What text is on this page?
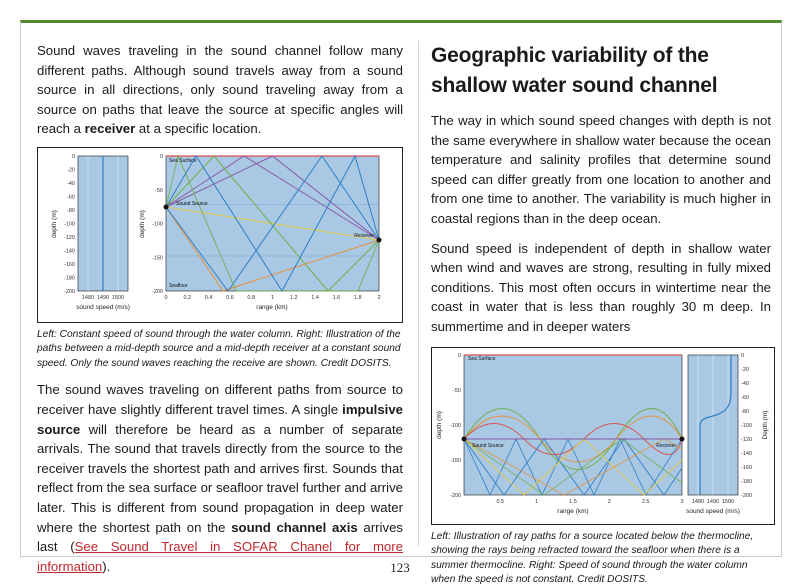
Sound waves traveling in the sound channel follow many different paths. Although sound travels away from a sound source in all directions, only sound traveling away from a source on paths that leave the source at specific angles will reach a receiver at a specific location.

0
-20
-40
-60
-80
-100
-120
-140
-160
-180
-200
1480 1490 1500
depth (m)
sound speed (m/s)
Sea Surface
Seafloor
Sound Source
Reciever
0
-50
-100
-150
-200
0	0.2 0.4 0.6 0.8	1	1.2 1.4 1.6 1.8	2
depth (m)
range (km)

Left: Constant speed of sound through the water column. Right: Illustration of the paths between a mid-depth source and a mid-depth receiver at a constant sound speed. Only the sound waves reaching the receive are shown. Credit DOSITS.

The sound waves traveling on different paths from source to receiver have slightly different travel times. A single impulsive source will therefore be heard as a number of separate arrivals. The sound that travels directly from the source to the receiver travels the shortest path and arrives first. Sounds that reflect from the sea surface or seafloor travel further and arrive later. This is different from sound propagation in deep water where the shortest path on the sound channel axis arrives last (See Sound Travel in SOFAR Chanel for more information).

Geographic variability of the shallow water sound channel

The way in which sound speed changes with depth is not the same everywhere in shallow water because the ocean temperature and salinity profiles that determine sound speed can differ greatly from one location to another and from one time to another. The variability is much higher in coastal regions than in the deep ocean.

Sound speed is independent of depth in shallow water when wind and waves are strong, resulting in fully mixed conditions. This most often occurs in wintertime near the coast in water that is less than roughly 30 m deep. In summertime and in deeper waters

Sea Surface
Sound Source	Reciever
0
-50
-100
-150
-200
0.5	1	1.5	2	2.5	3
depth (m)
range (km)
0
-20
-40
-60
-80
-100
-120
-140
-160
-180
-200
1480 1490 1500
Depth (m)
sound speed (m/s)

Left: Illustration of ray paths for a source located below the thermocline, showing the rays being refracted toward the seafloor when there is a summer thermocline. Right: Speed of sound through the water column when the speed is not constant. Credit DOSITS.

123
